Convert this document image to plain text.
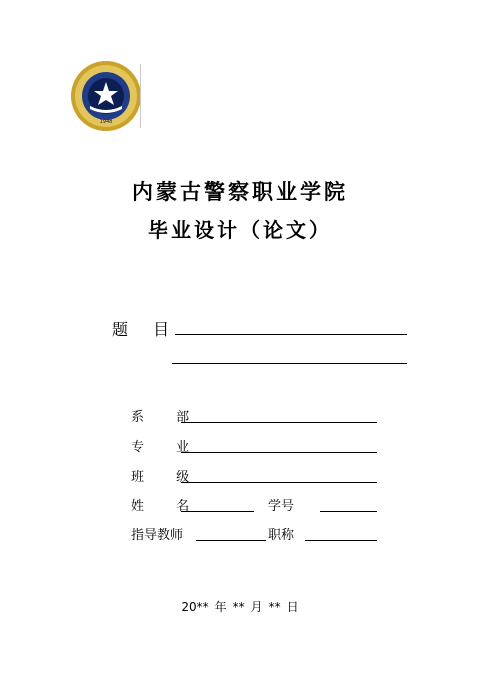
1948
内蒙古警察职业学院
毕业设计（论文）
题 目
系 部
专 业
班 级
姓 名	学号
指导教师	职称
20** 年 ** 月 ** 日
